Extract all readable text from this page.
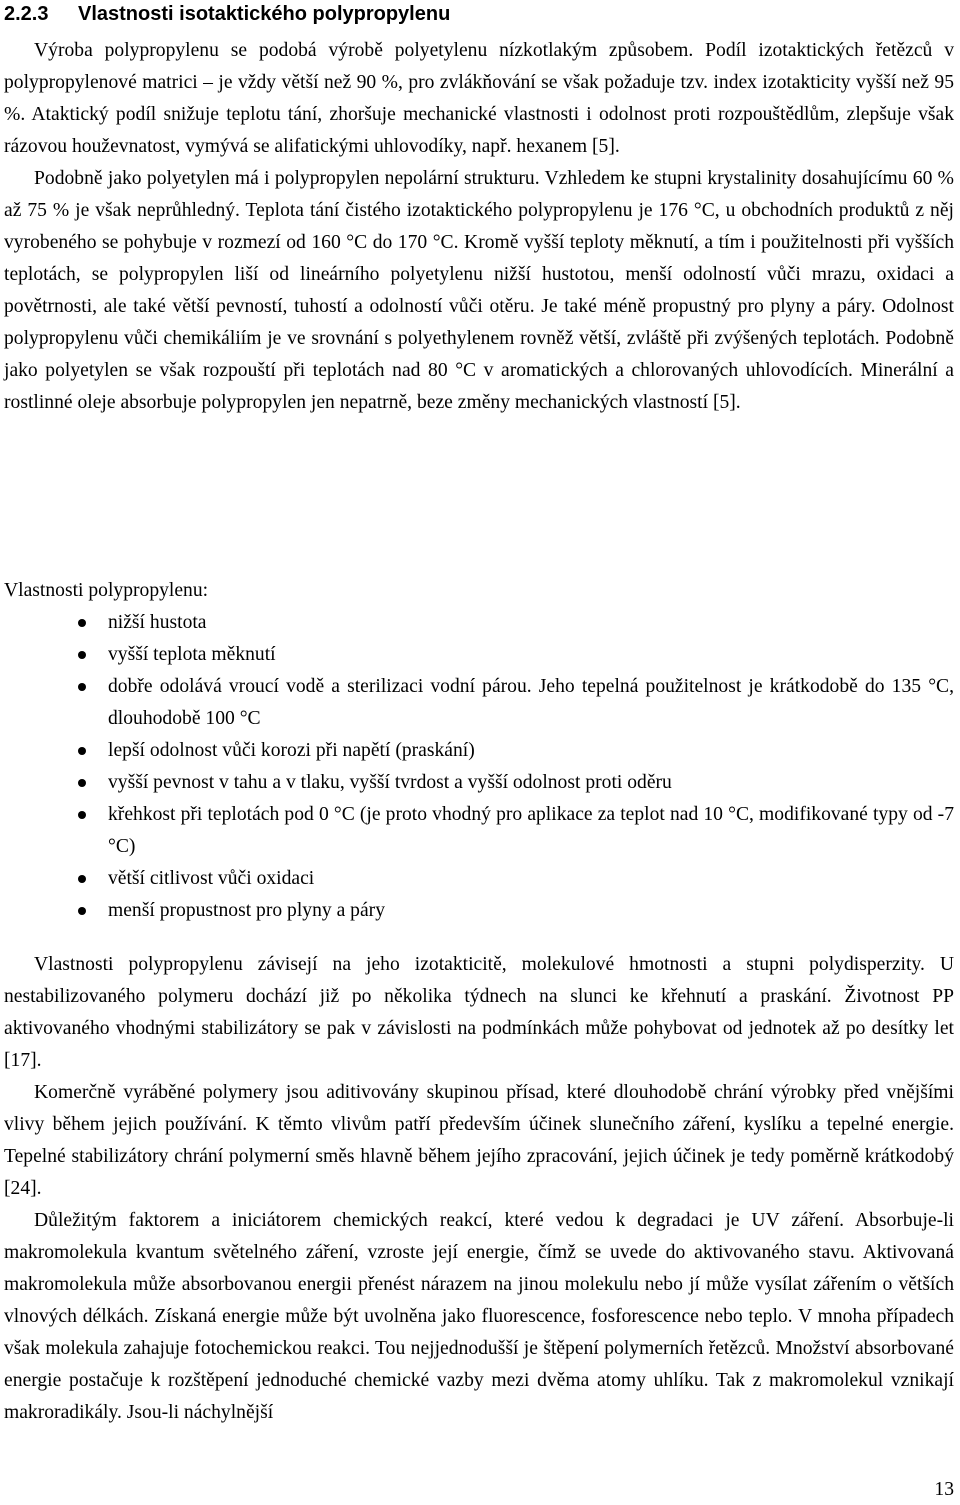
2.2.3 Vlastnosti isotaktického polypropylenu

Výroba polypropylenu se podobá výrobě polyetylenu nízkotlakým způsobem. Podíl izotaktických řetězců v polypropylenové matrici – je vždy větší než 90 %, pro zvlákňování se však požaduje tzv. index izotakticity vyšší než 95 %. Ataktický podíl snižuje teplotu tání, zhoršuje mechanické vlastnosti i odolnost proti rozpouštědlům, zlepšuje však rázovou houževnatost, vymývá se alifatickými uhlovodíky, např. hexanem [5].

Podobně jako polyetylen má i polypropylen nepolární strukturu. Vzhledem ke stupni krystalinity dosahujícímu 60 % až 75 % je však neprůhledný. Teplota tání čistého izotaktického polypropylenu je 176 °C, u obchodních produktů z něj vyrobeného se pohybuje v rozmezí od 160 °C do 170 °C. Kromě vyšší teploty měknutí, a tím i použitelnosti při vyšších teplotách, se polypropylen liší od lineárního polyetylenu nižší hustotou, menší odolností vůči mrazu, oxidaci a povětrnosti, ale také větší pevností, tuhostí a odolností vůči otěru. Je také méně propustný pro plyny a páry. Odolnost polypropylenu vůči chemikáliím je ve srovnání s polyethylenem rovněž větší, zvláště při zvýšených teplotách. Podobně jako polyetylen se však rozpouští při teplotách nad 80 °C v aromatických a chlorovaných uhlovodících. Minerální a rostlinné oleje absorbuje polypropylen jen nepatrně, beze změny mechanických vlastností [5].

Vlastnosti polypropylenu:

nižší hustota
vyšší teplota měknutí
dobře odolává vroucí vodě a sterilizaci vodní párou. Jeho tepelná použitelnost je krátkodobě do 135 °C, dlouhodobě 100 °C
lepší odolnost vůči korozi při napětí (praskání)
vyšší pevnost v tahu a v tlaku, vyšší tvrdost a vyšší odolnost proti oděru
křehkost při teplotách pod 0 °C (je proto vhodný pro aplikace za teplot nad 10 °C, modifikované typy od -7 °C)
větší citlivost vůči oxidaci
menší propustnost pro plyny a páry

Vlastnosti polypropylenu závisejí na jeho izotakticitě, molekulové hmotnosti a stupni polydisperzity. U nestabilizovaného polymeru dochází již po několika týdnech na slunci ke křehnutí a praskání. Životnost PP aktivovaného vhodnými stabilizátory se pak v závislosti na podmínkách může pohybovat od jednotek až po desítky let [17].

Komerčně vyráběné polymery jsou aditivovány skupinou přísad, které dlouhodobě chrání výrobky před vnějšími vlivy během jejich používání. K těmto vlivům patří především účinek slunečního záření, kyslíku a tepelné energie. Tepelné stabilizátory chrání polymerní směs hlavně během jejího zpracování, jejich účinek je tedy poměrně krátkodobý [24].

Důležitým faktorem a iniciátorem chemických reakcí, které vedou k degradaci je UV záření. Absorbuje-li makromolekula kvantum světelného záření, vzroste její energie, čímž se uvede do aktivovaného stavu. Aktivovaná makromolekula může absorbovanou energii přenést nárazem na jinou molekulu nebo jí může vysílat zářením o větších vlnových délkách. Získaná energie může být uvolněna jako fluorescence, fosforescence nebo teplo. V mnoha případech však molekula zahajuje fotochemickou reakci. Tou nejjednodušší je štěpení polymerních řetězců. Množství absorbované energie postačuje k rozštěpení jednoduché chemické vazby mezi dvěma atomy uhlíku. Tak z makromolekul vznikají makroradikály. Jsou-li náchylnější

13
